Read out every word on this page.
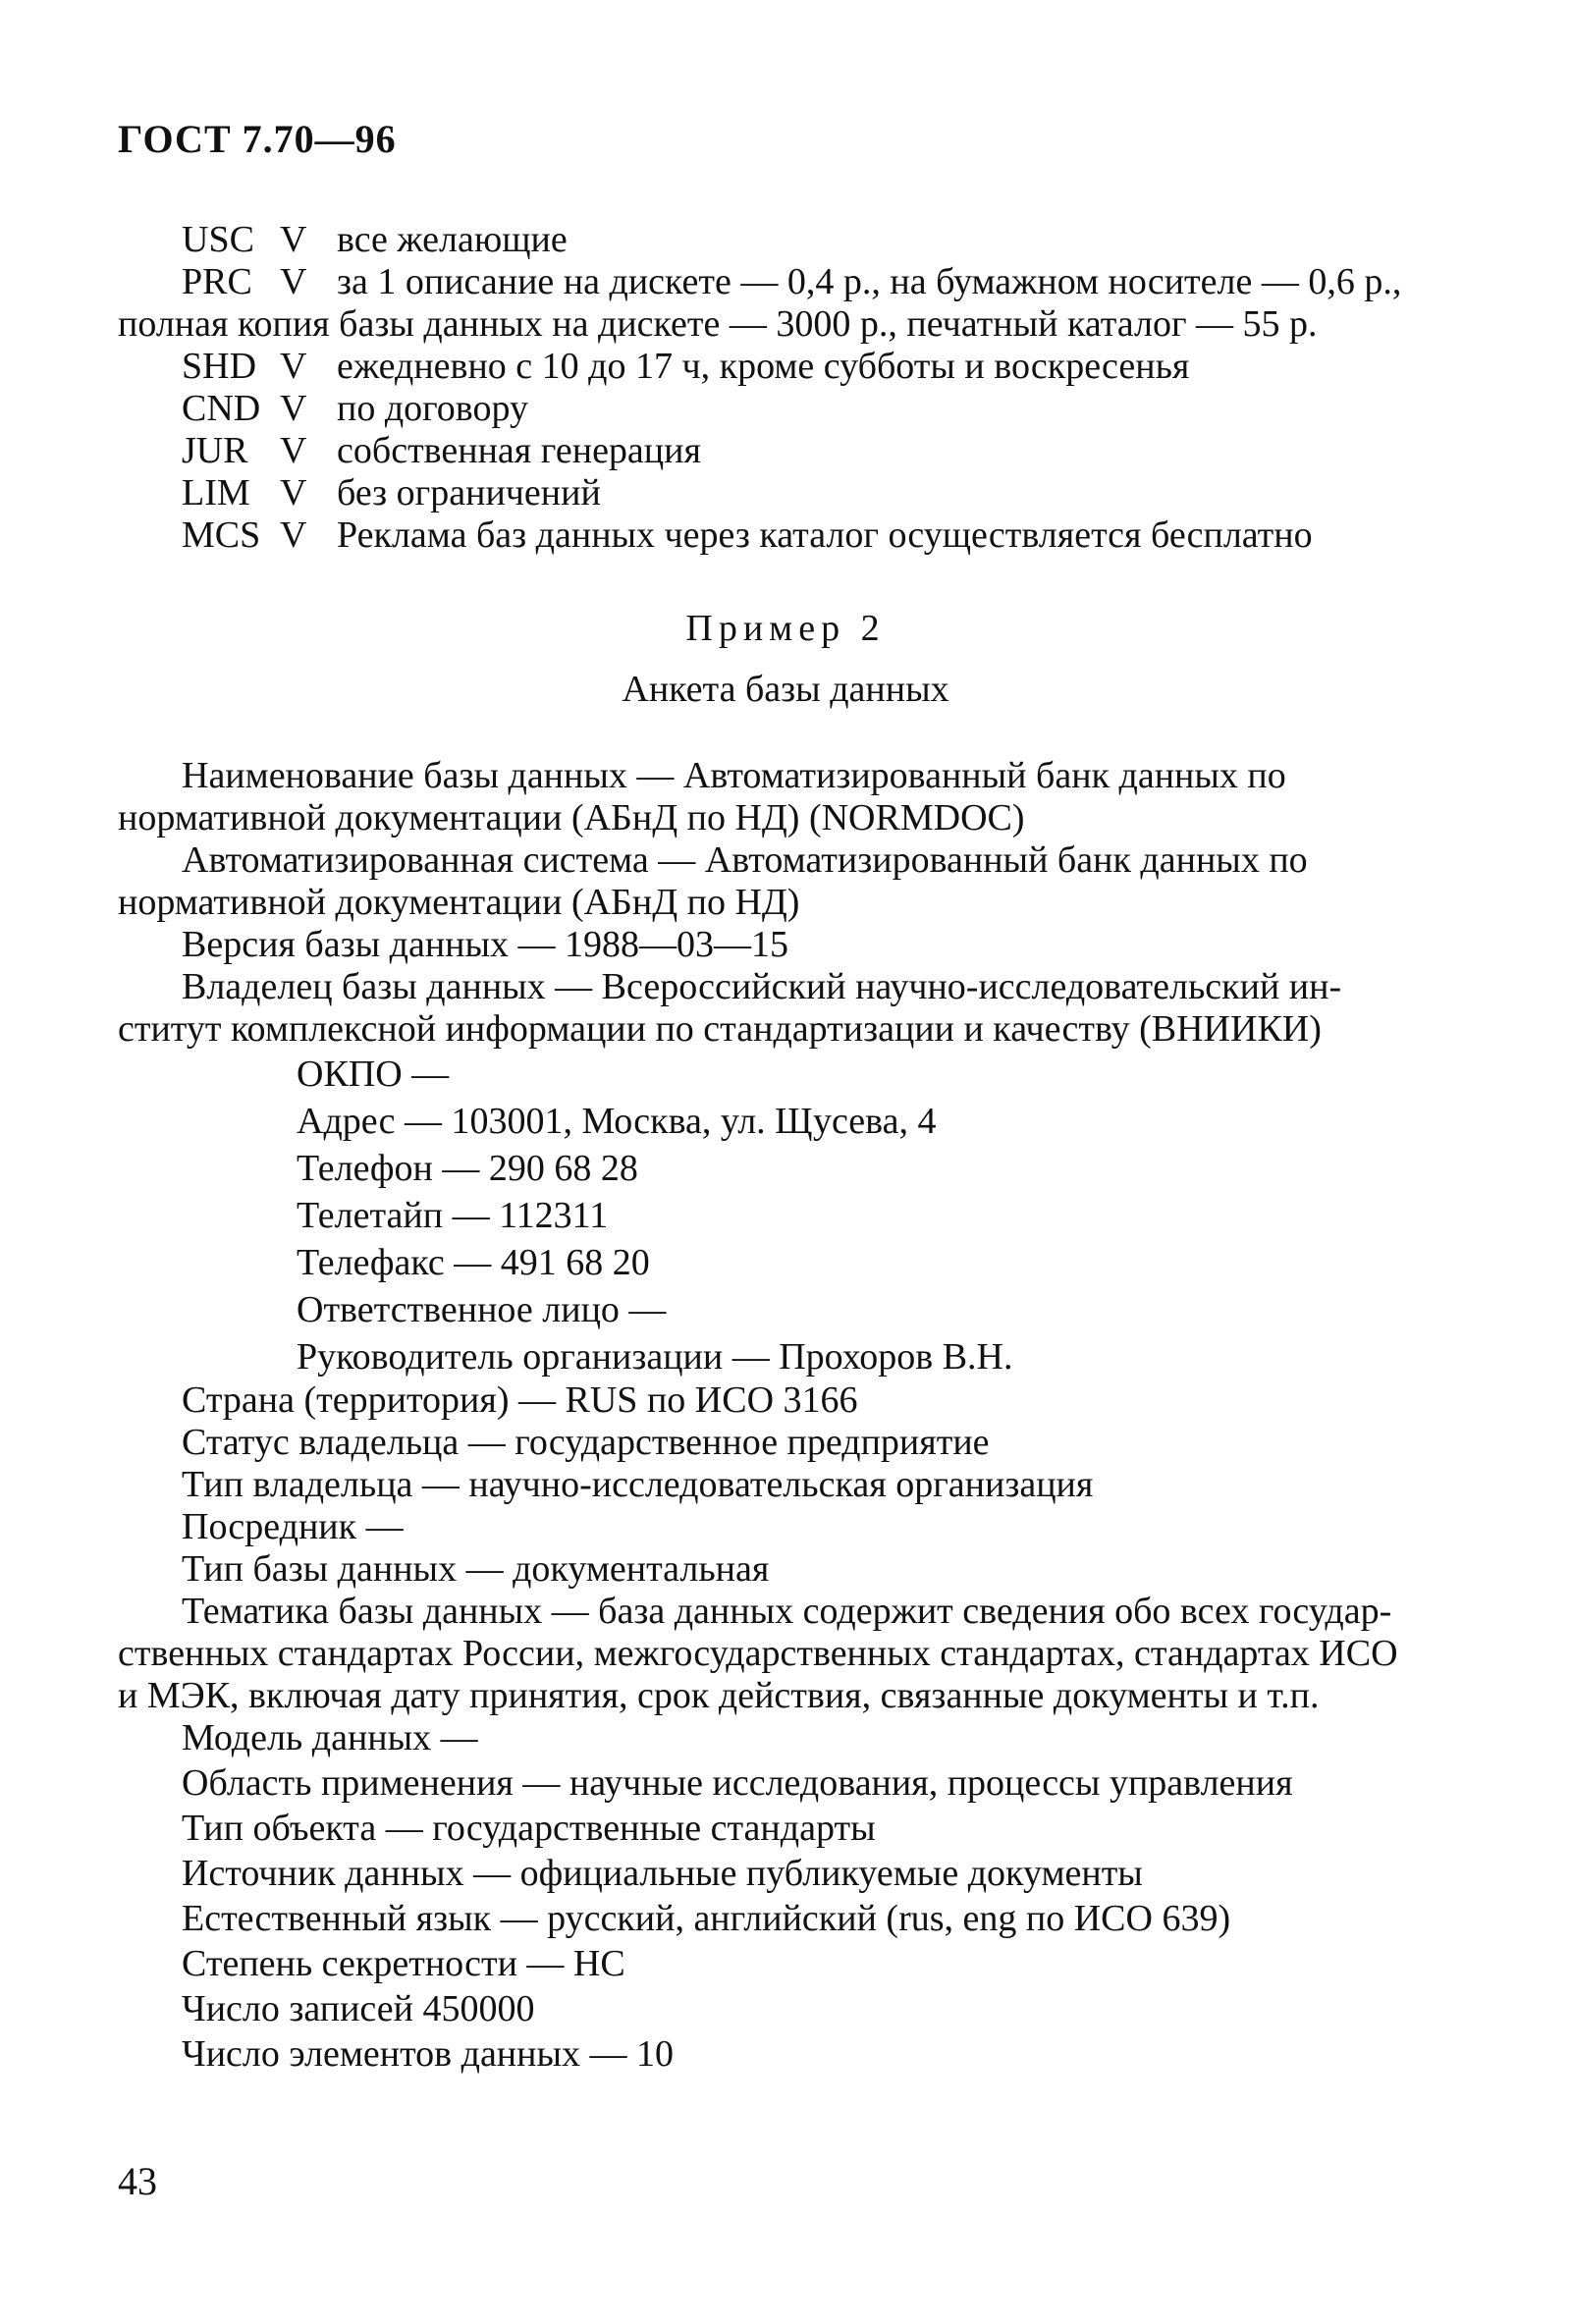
ГОСТ 7.70—96
USC V все желающие
PRC V за 1 описание на дискете — 0,4 р., на бумажном носителе — 0,6 р.,
полная копия базы данных на дискете — 3000 р., печатный каталог — 55 р.
SHD V ежедневно с 10 до 17 ч, кроме субботы и воскресенья
CND V по договору
JUR V собственная генерация
LIM V без ограничений
MCS V Реклама баз данных через каталог осуществляется бесплатно
Пример 2
Анкета базы данных
Наименование базы данных — Автоматизированный банк данных по
нормативной документации (АБнД по НД) (NORMDOC)
Автоматизированная система — Автоматизированный банк данных по
нормативной документации (АБнД по НД)
Версия базы данных — 1988—03—15
Владелец базы данных — Всероссийский научно-исследовательский ин-
ститут комплексной информации по стандартизации и качеству (ВНИИКИ)
ОКПО —
Адрес — 103001, Москва, ул. Щусева, 4
Телефон — 290 68 28
Телетайп — 112311
Телефакс — 491 68 20
Ответственное лицо —
Руководитель организации — Прохоров В.Н.
Страна (территория) — RUS по ИСО 3166
Статус владельца — государственное предприятие
Тип владельца — научно-исследовательская организация
Посредник —
Тип базы данных — документальная
Тематика базы данных — база данных содержит сведения обо всех государ-
ственных стандартах России, межгосударственных стандартах, стандартах ИСО
и МЭК, включая дату принятия, срок действия, связанные документы и т.п.
Модель данных —
Область применения — научные исследования, процессы управления
Тип объекта — государственные стандарты
Источник данных — официальные публикуемые документы
Естественный язык — русский, английский (rus, eng по ИСО 639)
Степень секретности — НС
Число записей 450000
Число элементов данных — 10
43
